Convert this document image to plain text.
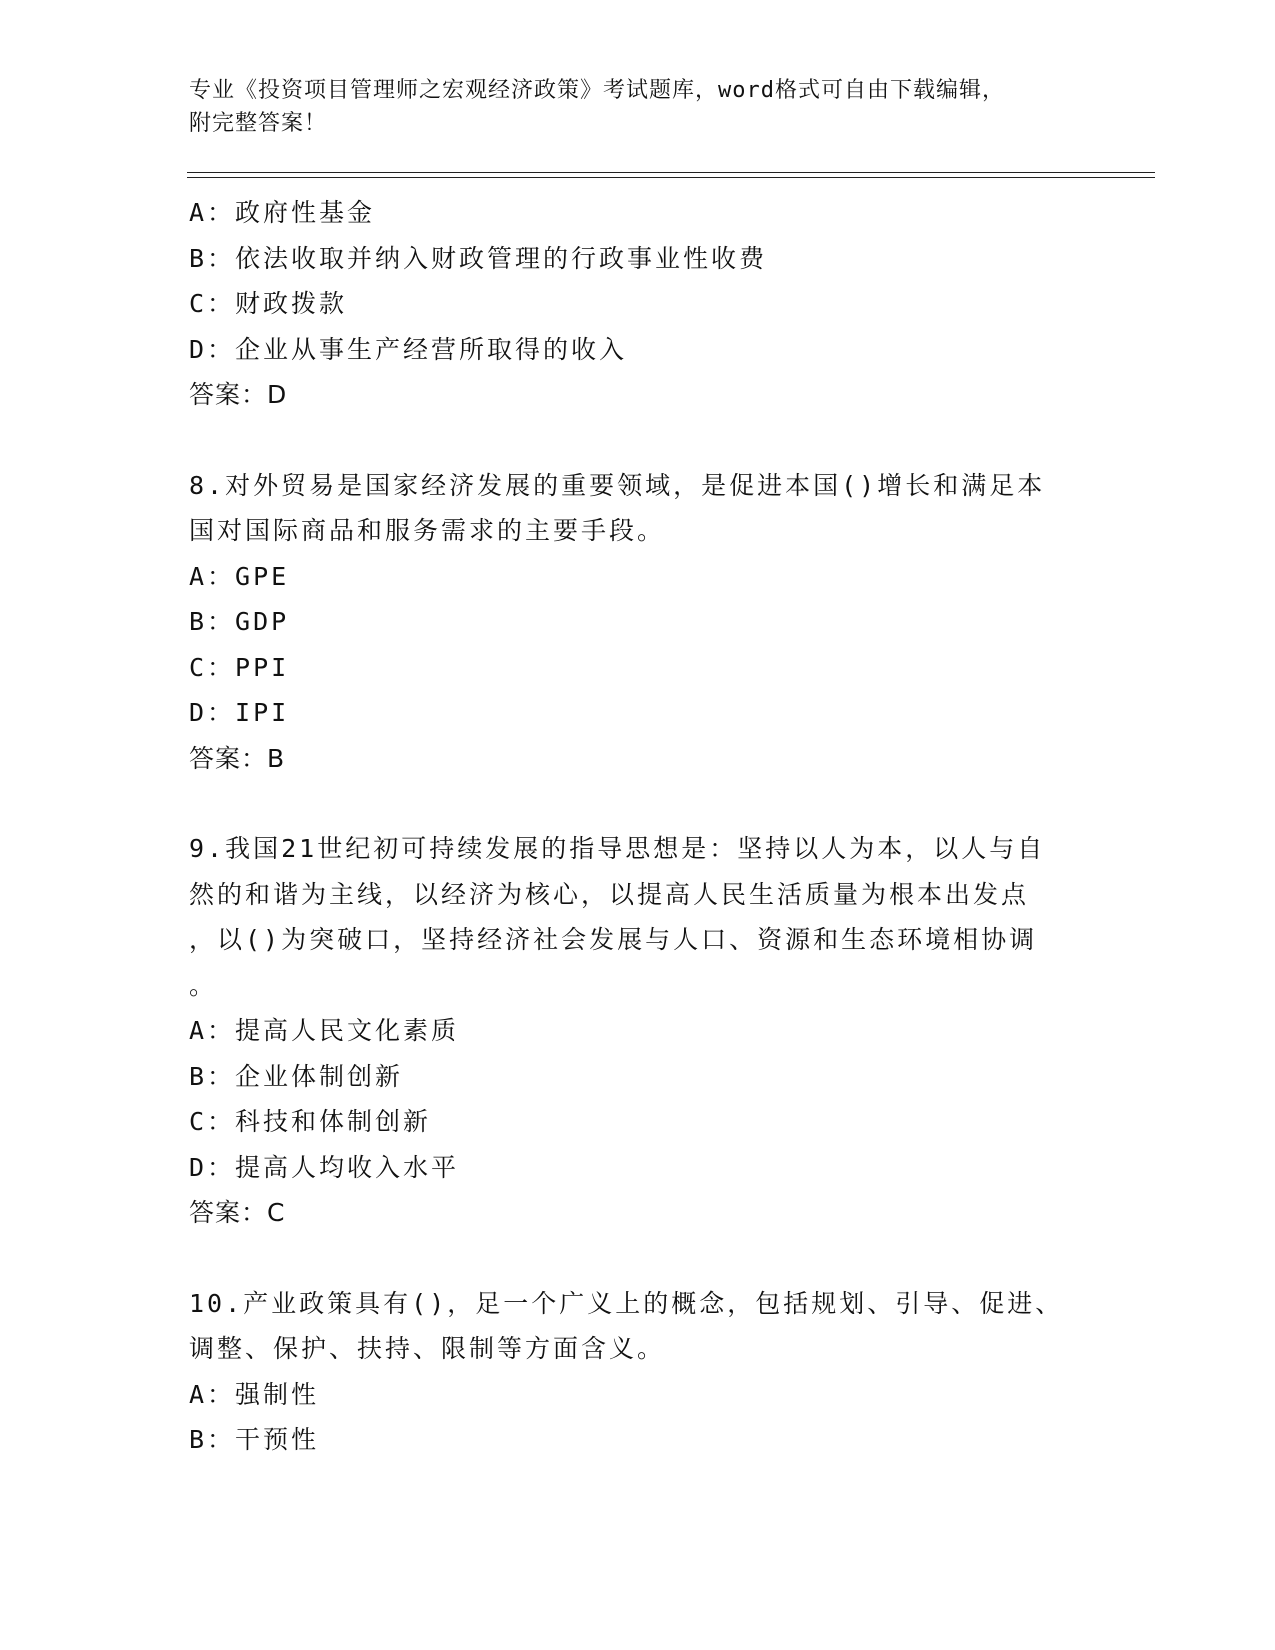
专业《投资项目管理师之宏观经济政策》考试题库，word格式可自由下载编辑，
附完整答案！
A：政府性基金
B：依法收取并纳入财政管理的行政事业性收费
C：财政拨款
D：企业从事生产经营所取得的收入
答案：D
8.对外贸易是国家经济发展的重要领域，是促进本国()增长和满足本
国对国际商品和服务需求的主要手段。
A：GPE
B：GDP
C：PPI
D：IPI
答案：B
9.我国21世纪初可持续发展的指导思想是：坚持以人为本，以人与自
然的和谐为主线，以经济为核心，以提高人民生活质量为根本出发点
，以()为突破口，坚持经济社会发展与人口、资源和生态环境相协调
。
A：提高人民文化素质
B：企业体制创新
C：科技和体制创新
D：提高人均收入水平
答案：C
10.产业政策具有()，足一个广义上的概念，包括规划、引导、促进、
调整、保护、扶持、限制等方面含义。
A：强制性
B：干预性
